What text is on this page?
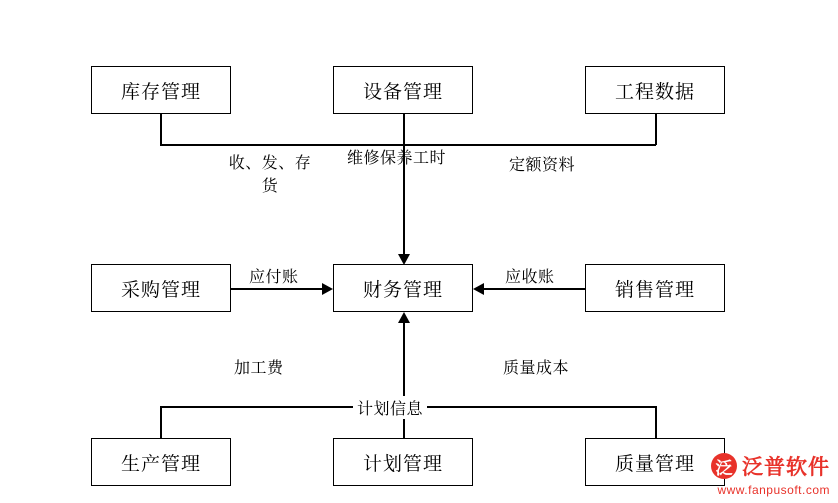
库存管理	设备管理	工程数据
采购管理	财务管理	销售管理
生产管理	计划管理	质量管理
收、发、存货
维修保养工时	定额资料
应付账	应收账
加工费	质量成本
计划信息
泛 泛普软件
www.fanpusoft.com
